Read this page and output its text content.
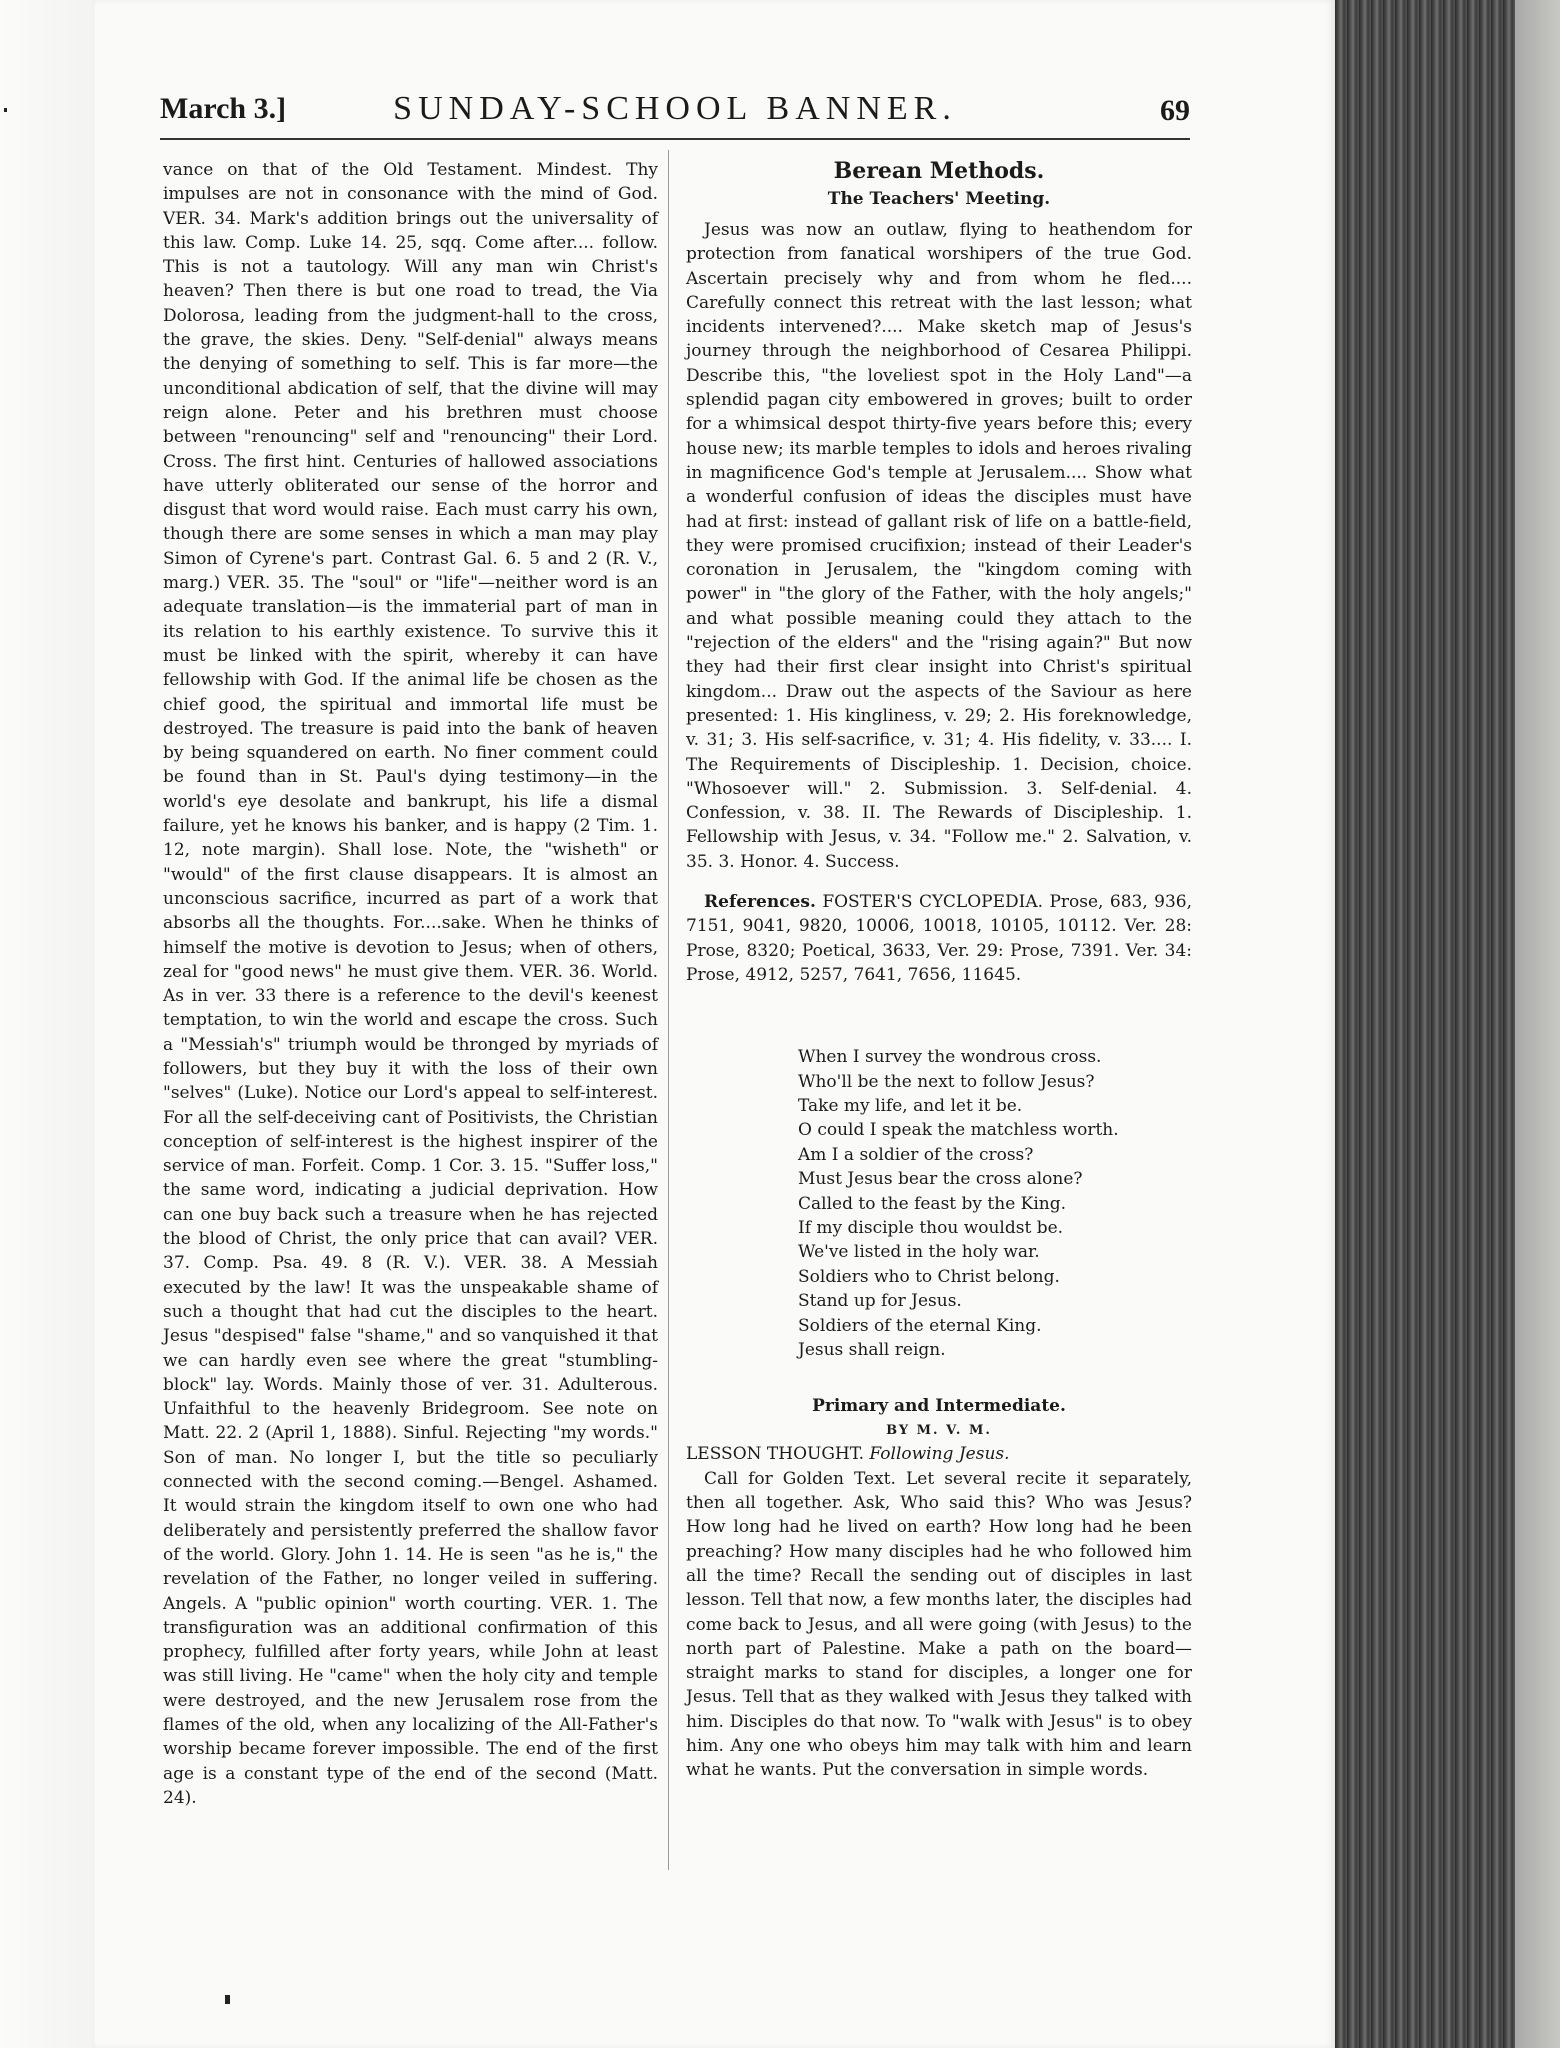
March 3.]	SUNDAY-SCHOOL BANNER.	69

vance on that of the Old Testament. Mindest. Thy impulses are not in consonance with the mind of God. VER. 34. Mark's addition brings out the universality of this law. Comp. Luke 14. 25, sqq. Come after.... follow. This is not a tautology. Will any man win Christ's heaven? Then there is but one road to tread, the Via Dolorosa, leading from the judgment-hall to the cross, the grave, the skies. Deny. "Self-denial" always means the denying of something to self. This is far more—the unconditional abdication of self, that the divine will may reign alone. Peter and his brethren must choose between "renouncing" self and "renouncing" their Lord. Cross. The first hint. Centuries of hallowed associations have utterly obliterated our sense of the horror and disgust that word would raise. Each must carry his own, though there are some senses in which a man may play Simon of Cyrene's part. Contrast Gal. 6. 5 and 2 (R. V., marg.) VER. 35. The "soul" or "life"—neither word is an adequate translation—is the immaterial part of man in its relation to his earthly existence. To survive this it must be linked with the spirit, whereby it can have fellowship with God. If the animal life be chosen as the chief good, the spiritual and immortal life must be destroyed. The treasure is paid into the bank of heaven by being squandered on earth. No finer comment could be found than in St. Paul's dying testimony—in the world's eye desolate and bankrupt, his life a dismal failure, yet he knows his banker, and is happy (2 Tim. 1. 12, note margin). Shall lose. Note, the "wisheth" or "would" of the first clause disappears. It is almost an unconscious sacrifice, incurred as part of a work that absorbs all the thoughts. For....sake. When he thinks of himself the motive is devotion to Jesus; when of others, zeal for "good news" he must give them. VER. 36. World. As in ver. 33 there is a reference to the devil's keenest temptation, to win the world and escape the cross. Such a "Messiah's" triumph would be thronged by myriads of followers, but they buy it with the loss of their own "selves" (Luke). Notice our Lord's appeal to self-interest. For all the self-deceiving cant of Positivists, the Christian conception of self-interest is the highest inspirer of the service of man. Forfeit. Comp. 1 Cor. 3. 15. "Suffer loss," the same word, indicating a judicial deprivation. How can one buy back such a treasure when he has rejected the blood of Christ, the only price that can avail? VER. 37. Comp. Psa. 49. 8 (R. V.). VER. 38. A Messiah executed by the law! It was the unspeakable shame of such a thought that had cut the disciples to the heart. Jesus "despised" false "shame," and so vanquished it that we can hardly even see where the great "stumbling-block" lay. Words. Mainly those of ver. 31. Adulterous. Unfaithful to the heavenly Bridegroom. See note on Matt. 22. 2 (April 1, 1888). Sinful. Rejecting "my words." Son of man. No longer I, but the title so peculiarly connected with the second coming.—Bengel. Ashamed. It would strain the kingdom itself to own one who had deliberately and persistently preferred the shallow favor of the world. Glory. John 1. 14. He is seen "as he is," the revelation of the Father, no longer veiled in suffering. Angels. A "public opinion" worth courting. VER. 1. The transfiguration was an additional confirmation of this prophecy, fulfilled after forty years, while John at least was still living. He "came" when the holy city and temple were destroyed, and the new Jerusalem rose from the flames of the old, when any localizing of the All-Father's worship became forever impossible. The end of the first age is a constant type of the end of the second (Matt. 24).

Berean Methods.
The Teachers' Meeting.

Jesus was now an outlaw, flying to heathendom for protection from fanatical worshipers of the true God. Ascertain precisely why and from whom he fled.... Carefully connect this retreat with the last lesson; what incidents intervened?.... Make sketch map of Jesus's journey through the neighborhood of Cesarea Philippi. Describe this, "the loveliest spot in the Holy Land"—a splendid pagan city embowered in groves; built to order for a whimsical despot thirty-five years before this; every house new; its marble temples to idols and heroes rivaling in magnificence God's temple at Jerusalem.... Show what a wonderful confusion of ideas the disciples must have had at first: instead of gallant risk of life on a battle-field, they were promised crucifixion; instead of their Leader's coronation in Jerusalem, the "kingdom coming with power" in "the glory of the Father, with the holy angels;" and what possible meaning could they attach to the "rejection of the elders" and the "rising again?" But now they had their first clear insight into Christ's spiritual kingdom... Draw out the aspects of the Saviour as here presented: 1. His kingliness, v. 29; 2. His foreknowledge, v. 31; 3. His self-sacrifice, v. 31; 4. His fidelity, v. 33.... I. The Requirements of Discipleship. 1. Decision, choice. "Whosoever will." 2. Submission. 3. Self-denial. 4. Confession, v. 38. II. The Rewards of Discipleship. 1. Fellowship with Jesus, v. 34. "Follow me." 2. Salvation, v. 35. 3. Honor. 4. Success.

References. FOSTER'S CYCLOPEDIA. Prose, 683, 936, 7151, 9041, 9820, 10006, 10018, 10105, 10112. Ver. 28: Prose, 8320; Poetical, 3633, Ver. 29: Prose, 7391. Ver. 34: Prose, 4912, 5257, 7641, 7656, 11645.

When I survey the wondrous cross.
Who'll be the next to follow Jesus?
Take my life, and let it be.
O could I speak the matchless worth.
Am I a soldier of the cross?
Must Jesus bear the cross alone?
Called to the feast by the King.
If my disciple thou wouldst be.
We've listed in the holy war.
Soldiers who to Christ belong.
Stand up for Jesus.
Soldiers of the eternal King.
Jesus shall reign.
Primary and Intermediate.
BY M. V. M.

LESSON THOUGHT. Following Jesus.

Call for Golden Text. Let several recite it separately, then all together. Ask, Who said this? Who was Jesus? How long had he lived on earth? How long had he been preaching? How many disciples had he who followed him all the time? Recall the sending out of disciples in last lesson. Tell that now, a few months later, the disciples had come back to Jesus, and all were going (with Jesus) to the north part of Palestine. Make a path on the board—straight marks to stand for disciples, a longer one for Jesus. Tell that as they walked with Jesus they talked with him. Disciples do that now. To "walk with Jesus" is to obey him. Any one who obeys him may talk with him and learn what he wants. Put the conversation in simple words.
